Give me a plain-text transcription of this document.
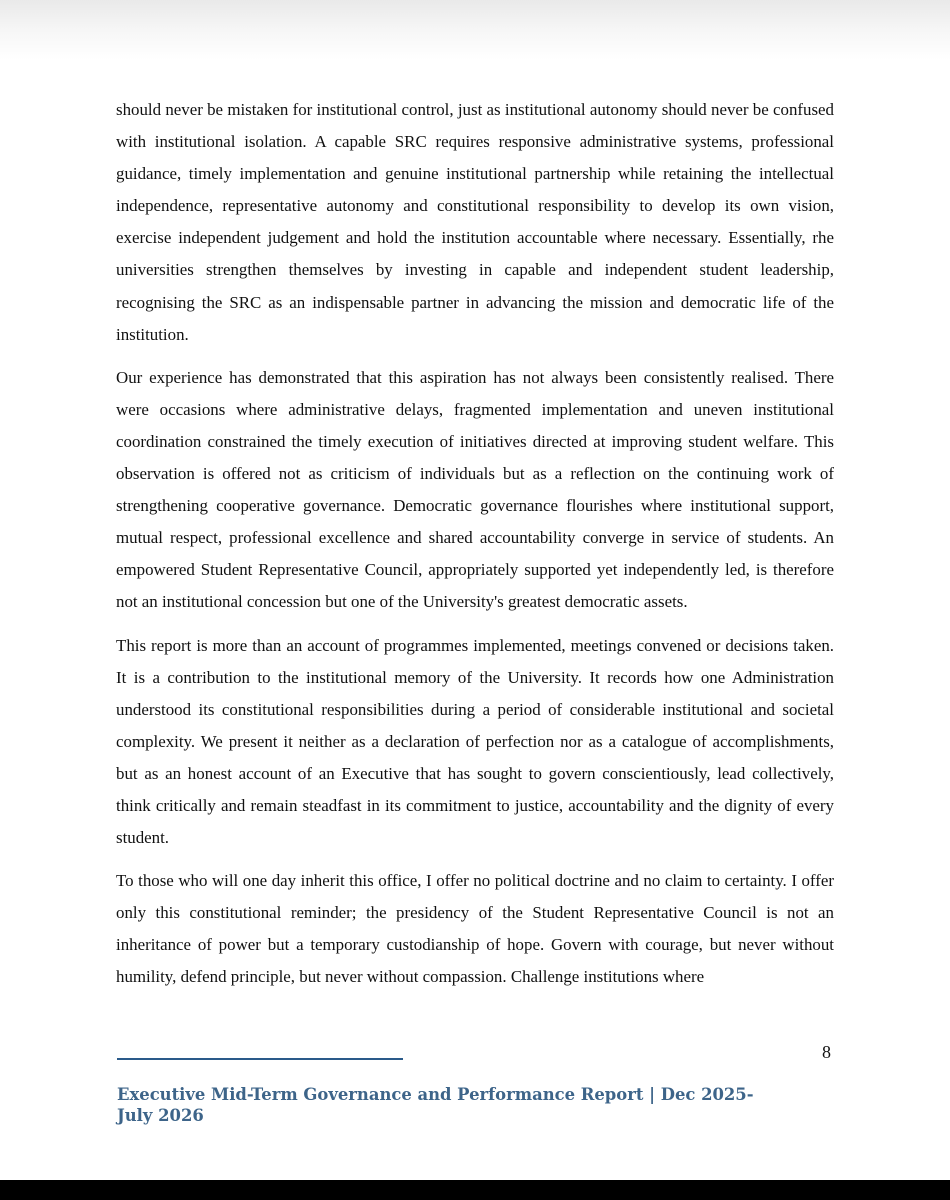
should never be mistaken for institutional control, just as institutional autonomy should never be confused with institutional isolation. A capable SRC requires responsive administrative systems, professional guidance, timely implementation and genuine institutional partnership while retaining the intellectual independence, representative autonomy and constitutional responsibility to develop its own vision, exercise independent judgement and hold the institution accountable where necessary. Essentially, rhe universities strengthen themselves by investing in capable and independent student leadership, recognising the SRC as an indispensable partner in advancing the mission and democratic life of the institution.

Our experience has demonstrated that this aspiration has not always been consistently realised. There were occasions where administrative delays, fragmented implementation and uneven institutional coordination constrained the timely execution of initiatives directed at improving student welfare. This observation is offered not as criticism of individuals but as a reflection on the continuing work of strengthening cooperative governance. Democratic governance flourishes where institutional support, mutual respect, professional excellence and shared accountability converge in service of students. An empowered Student Representative Council, appropriately supported yet independently led, is therefore not an institutional concession but one of the University's greatest democratic assets.

This report is more than an account of programmes implemented, meetings convened or decisions taken. It is a contribution to the institutional memory of the University. It records how one Administration understood its constitutional responsibilities during a period of considerable institutional and societal complexity. We present it neither as a declaration of perfection nor as a catalogue of accomplishments, but as an honest account of an Executive that has sought to govern conscientiously, lead collectively, think critically and remain steadfast in its commitment to justice, accountability and the dignity of every student.

To those who will one day inherit this office, I offer no political doctrine and no claim to certainty. I offer only this constitutional reminder; the presidency of the Student Representative Council is not an inheritance of power but a temporary custodianship of hope. Govern with courage, but never without humility, defend principle, but never without compassion. Challenge institutions where

8
Executive Mid-Term Governance and Performance Report | Dec 2025-July 2026
